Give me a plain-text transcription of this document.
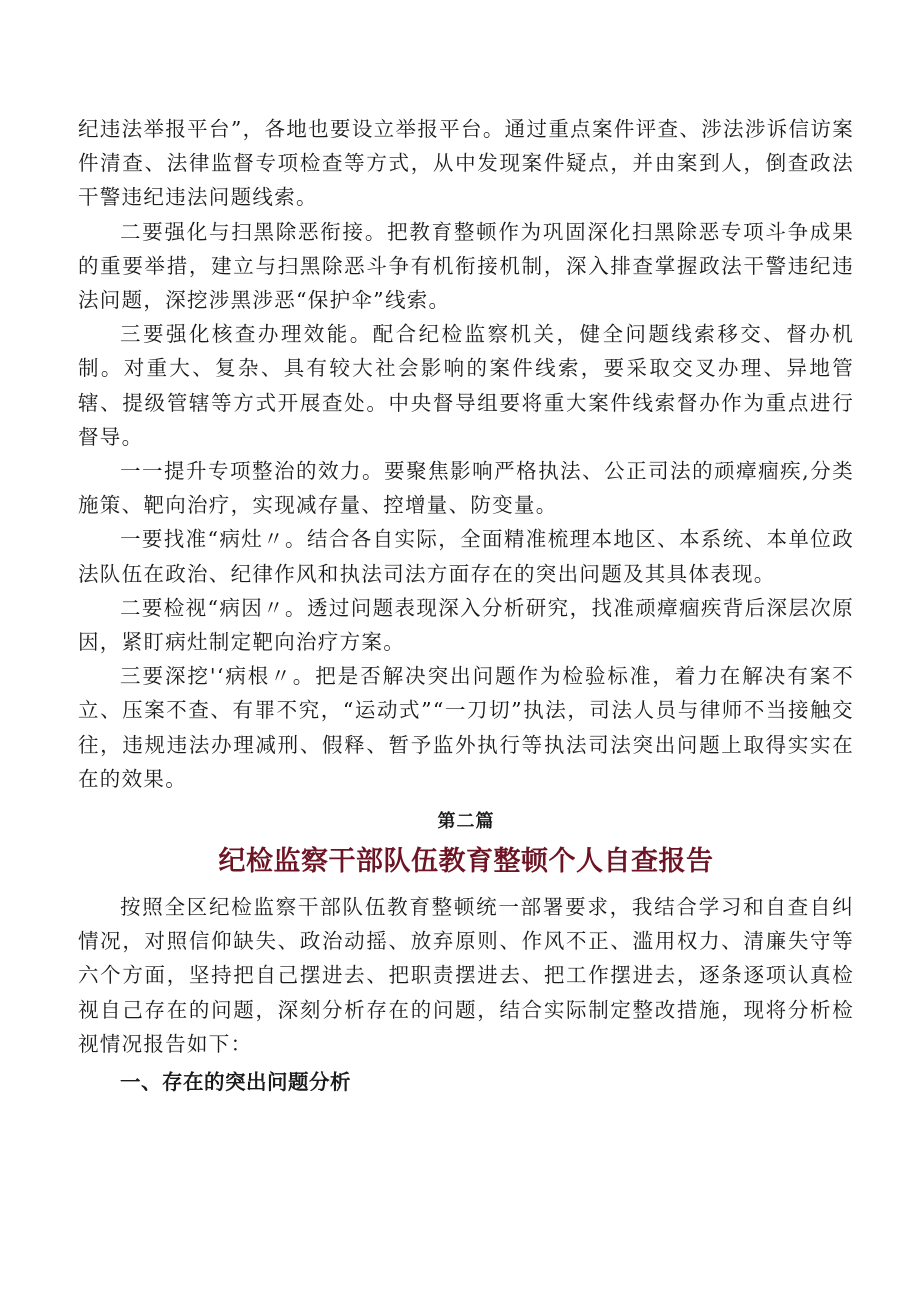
纪违法举报平台”，各地也要设立举报平台。通过重点案件评查、涉法涉诉信访案件清查、法律监督专项检查等方式，从中发现案件疑点，并由案到人，倒查政法干警违纪违法问题线索。

二要强化与扫黑除恶衔接。把教育整顿作为巩固深化扫黑除恶专项斗争成果的重要举措，建立与扫黑除恶斗争有机衔接机制，深入排查掌握政法干警违纪违法问题，深挖涉黑涉恶“保护伞”线索。

三要强化核查办理效能。配合纪检监察机关，健全问题线索移交、督办机制。对重大、复杂、具有较大社会影响的案件线索，要采取交叉办理、异地管辖、提级管辖等方式开展查处。中央督导组要将重大案件线索督办作为重点进行督导。

一一提升专项整治的效力。要聚焦影响严格执法、公正司法的顽瘴痼疾,分类施策、靶向治疗，实现减存量、控增量、防变量。

一要找准“病灶〃。结合各自实际，全面精准梳理本地区、本系统、本单位政法队伍在政治、纪律作风和执法司法方面存在的突出问题及其具体表现。

二要检视“病因〃。透过问题表现深入分析研究，找准顽瘴痼疾背后深层次原因，紧盯病灶制定靶向治疗方案。

三要深挖'‘病根〃。把是否解决突出问题作为检验标准，着力在解决有案不立、压案不查、有罪不究，“运动式”“一刀切”执法，司法人员与律师不当接触交往，违规违法办理减刑、假释、暂予监外执行等执法司法突出问题上取得实实在在的效果。

第二篇
纪检监察干部队伍教育整顿个人自查报告

按照全区纪检监察干部队伍教育整顿统一部署要求，我结合学习和自查自纠情况，对照信仰缺失、政治动摇、放弃原则、作风不正、滥用权力、清廉失守等六个方面，坚持把自己摆进去、把职责摆进去、把工作摆进去，逐条逐项认真检视自己存在的问题，深刻分析存在的问题，结合实际制定整改措施，现将分析检视情况报告如下：

一、存在的突出问题分析
